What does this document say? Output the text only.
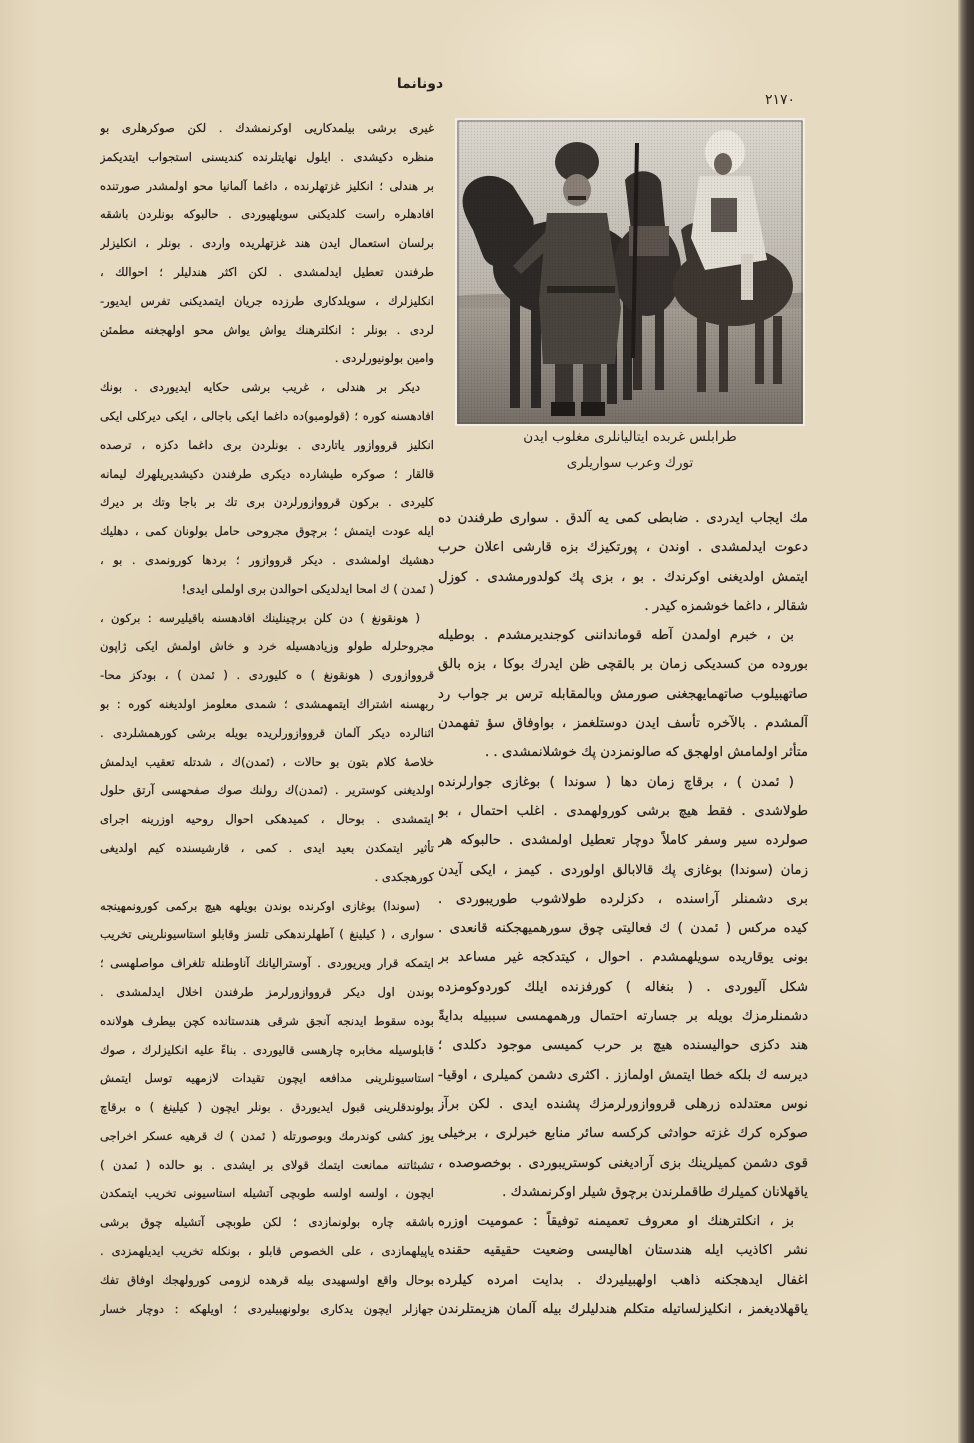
دونانما
٢١٧٠
طرابلس غربده ایتالیانلری مغلوب ایدن
تورك وعرب سواریلری
غیری برشی بیلمدکاریی اوکرنمشدك . لکن صوکرهلری بو
منظره دکیشدی . ایلول نهایتلرنده کندیسنی استجواب ایتدیکمز
بر هندلی ؛ انکلیز غزتهلرنده ، داغما آلمانیا محو اولمشدر صورتنده
افادهلره راست کلدیکنی سویلهیوردی . حالبوکه بونلردن باشقه
برلسان استعمال ایدن هند غزتهلریده واردی . بونلر ، انکلیزلر
طرفندن تعطیل ایدلمشدی . لکن اکثر هندلیلر ؛ احوالك ،
انکلیزلرك ، سویلدکاری طرزده جریان ایتمدیکنی تفرس ایدیور-
لردی . بونلر : انکلترهنك یواش یواش محو اولهجغنه مطمئن
وامین بولونیورلردی .
دیکر بر هندلی ، غریب برشی حکایه ایدیوردی . بونك
افادهسنه کوره ؛ (قولومبو)ده داغما ایکی باجالی ، ایکی دیرکلی ایکی
انکلیز قرووازور یاتاردی . بونلردن بری داغما دکزه ، ترصده
قالقار ؛ صوکره طیشارده دیکری طرفندن دکیشدیریلهرك لیمانه
کلیردی . برکون قرووازورلردن بری تك بر باجا وتك بر دیرك
ایله عودت ایتمش ؛ برچوق مجروحی حامل بولونان کمی ، دهلیك
دهشیك اولمشدی . دیکر قرووازور ؛ بردها کورونمدی . بو ،
( ئمدن ) ك امحا ایدلدیکی احوالدن بری اولملی ایدی!
( هونقونغ ) دن کلن برچینلینك افادهسنه باقیلیرسه : برکون ،
مجروحلرله طولو وزیادهسیله خرد و خاش اولمش ایکی ژاپون
قرووازوری ( هونقونغ ) ه کلیوردی . ( ئمدن ) ، بودکز محا-
ربهسنه اشتراك ایتمهمشدی ؛ شمدی معلومز اولدیغنه کوره : بو
اثنالرده دیکر آلمان قرووازورلریده بویله برشی کورهمشلردی .
خلاصهٔ کلام بتون بو حالات ، (ئمدن)ك ، شدتله تعقیب ایدلمش
اولدیغنی کوستریر . (ئمدن)ك رولنك صوك صفحهسی آرتق حلول
ایتمشدی . بوحال ، کمیدهکی احوال روحیه اوزرینه اجرای
تأثیر ایتمکدن بعید ایدی . کمی ، قارشیسنده کیم اولدیغی
کورهجکدی .
(سوندا) بوغازی اوکرنده بوندن بویلهه هیچ برکمی کورونمهینجه
سواری ، ( کیلینغ ) آطهلرندهکی تلسز وقابلو استاسیونلرینی تخریب
ایتمکه قرار ویریوردی . آوسترالیانك آناوطنله تلغراف مواصلهسی ؛
بوندن اول دیکر قرووازورلرمز طرفندن اخلال ایدلمشدی .
بوده سقوط ایدنجه آنجق شرقی هندستانده کچن بیطرف هولانده
قابلوسیله مخابره چارهسی قالیوردی . بناءً علیه انکلیزلرك ، صوك
استاسیونلرینی مدافعه ایچون تقیدات لازمهیه توسل ایتمش
بولوندقلرینی قبول ایدیوردق . بونلر ایچون ( کیلینغ ) ه برقاچ
یوز کشی کوندرمك وبوصورتله ( ئمدن ) ك قرهیه عسکر اخراجی
تشبثاتنه ممانعت ایتمك قولای بر ایشدی . بو حالده ( ئمدن )
ایچون ، اولسه اولسه طوبچی آتشیله استاسیونی تخریب ایتمکدن
باشقه چاره بولونمازدی ؛ لکن طوبچی آتشیله چوق برشی
یاپیلهمازدی ، علی الخصوص قابلو ، بونکله تخریب ایدیلهمزدی .
بوحال واقع اولسهیدی بیله قرهده لزومی کورولهجك اوفاق تفك
جهازلر ایچون یدکاری بولونهبیلیردی ؛ اویلهکه : دوچار خسار
مك ایجاب ایدردی . ضابطی کمی یه آلدق . سواری طرفندن ده
دعوت ایدلمشدی . اوندن ، پورتکیزك بزه قارشی اعلان حرب
ایتمش اولدیغنی اوکرندك . بو ، بزی پك کولدورمشدی . کوزل
شقالر ، داغما خوشمزه کیدر .
بن ، خبرم اولمدن آطه قومانداننی کوجندیرمشدم . بوطیله
بوروده من کسدیکی زمان بر بالقچی ظن ایدرك بوکا ، بزه بالق
صاتهبیلوب صاتهمایهجغنی صورمش وبالمقابله ترس بر جواب رد
آلمشدم . بالآخره تأسف ایدن دوستلغمز ، بواوفاق سؤ تفهمدن
متأثر اولمامش اولهجق که صالونمزدن پك خوشلانمشدی . .
( ئمدن ) ، برقاچ زمان دها ( سوندا ) بوغازی جوارلرنده
طولاشدی . فقط هیچ برشی کورولهمدی . اغلب احتمال ، بو
صولرده سیر وسفر کاملاً دوچار تعطیل اولمشدی . حالبوکه هر
زمان (سوندا) بوغازی پك قالابالق اولوردی . کیمز ، ایکی آیدن
بری دشمنلر آراسنده ، دکزلرده طولاشوب طوریبوردی .
کیده مرکس ( ئمدن ) ك فعالیتی چوق سورهمیهجکنه قانعدی .
بونی یوقاریده سویلهمشدم . احوال ، کیتدکجه غیر مساعد بر
شکل آلیوردی . ( بنغاله ) کورفزنده ایلك کوردوکومزده
دشمنلرمزك بویله بر جسارته احتمال ورهمهمسی سببیله بدایةً
هند دکزی حوالیسنده هیچ بر حرب کمیسی موجود دکلدی ؛
دیرسه ك بلکه خطا ایتمش اولمازز . اکثری دشمن کمیلری ، اوقیا-
نوس معتدلده زرهلی قرووازورلرمزك پشنده ایدی . لکن برآز
صوکره کرك غزته حوادثی کرکسه سائر منابع خبرلری ، برخیلی
قوی دشمن کمیلرینك بزی آرادیغنی کوستریبوردی . بوخصوصده ،
یاقهلانان کمیلرك طاقملرندن برچوق شیلر اوکرنمشدك .
بز ، انکلترهنك او معروف تعمیمنه توفیقاً : عمومیت اوزره
نشر اکاذیب ایله هندستان اهالیسی وضعیت حقیقیه حقنده
اغفال ایدهجکنه ذاهب اولهبیلیردك . بدایت امرده کیلرده
یاقهلادیغمز ، انکلیزلساتیله متکلم هندلیلرك بیله آلمان هزیمتلرندن
